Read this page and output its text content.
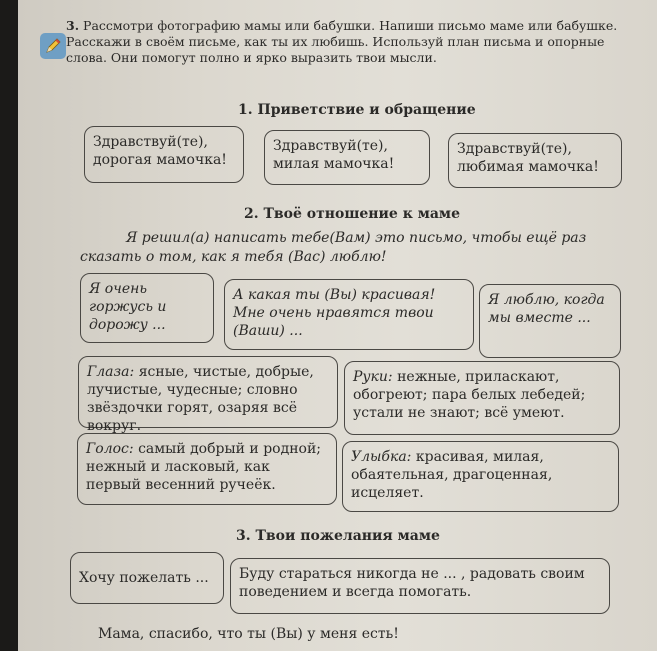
3. Рассмотри фотографию мамы или бабушки. Напиши письмо маме или бабушке. Расскажи в своём письме, как ты их любишь. Используй план письма и опорные слова. Они помогут полно и ярко выразить твои мысли.
1. Приветствие и обращение
Здравствуй(те), дорогая мамочка!
Здравствуй(те), милая мамочка!
Здравствуй(те), любимая мамочка!
2. Твоё отношение к маме
Я решил(а) написать тебе(Вам) это письмо, чтобы ещё раз сказать о том, как я тебя (Вас) люблю!
Я очень горжусь и дорожу ...
А какая ты (Вы) красивая! Мне очень нравятся твои (Ваши) ...
Я люблю, когда мы вместе ...
Глаза: ясные, чистые, добрые, лучистые, чудесные; словно звёздочки горят, озаряя всё вокруг.
Руки: нежные, приласкают, обогреют; пара белых лебедей; устали не знают; всё умеют.
Голос: самый добрый и родной; нежный и ласковый, как первый весенний ручеёк.
Улыбка: красивая, милая, обаятельная, драгоценная, исцеляет.
3. Твои пожелания маме
Хочу пожелать ...	Буду стараться никогда не ... , радовать своим поведением и всегда помогать.
Мама, спасибо, что ты (Вы) у меня есть!
